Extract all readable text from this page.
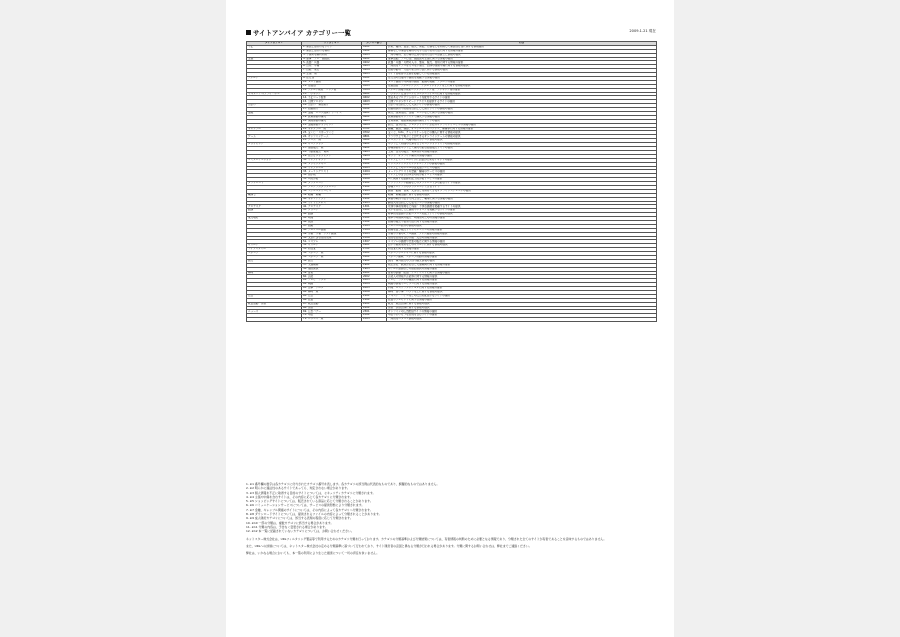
サイトアンバイア カテゴリー一覧	2009.1.21 現在
メインカテゴリ	サブカテゴリ	カテゴリ番号	内容
不正	1. 違法と思われるサイト	0101	詐欺、賭博、賞金、殺人、脅迫、売春などを利用して違法な行為に関する情報提供
	2. 違法と思われる薬物	0102	麻薬などの違法な薬物の入手方法や使用方法に関する情報の提供
	3. 不適切な薬物利用	0103	一般の薬物、処方薬の正規の使用方法から逸脱した情報の提供
主張	4. 軍事・テロ・過激派	0201	軍事活動、テロ行為、過激派の主張に関する情報の提供
	5. 武器・兵器	0202	武器・兵器・刃物の入手、製造、販売、使用に関する情報の提供
	6. 告発・中傷	0203	一般的なマナーを守らない個人・団体の誹謗中傷に関する情報の提供
	7. 自殺・家出	0204	自殺の勧め・方法や家出の方法に関する情報の提供
	8. 主張一般	0205	サイト管理者の主張を掲載している情報提供
アダルト	9. 性行為	0301	性行為の性描写や画像を掲載する情報の提供
	10. ヌード画像	0302	ヌード画像や写真集の画像・動画の掲載・アダルトの提供
	11. 性風俗	0303	性風俗店・アダルトグッズ・アダルトショップなどに関する情報の提供
	12. アダルト検索・リンク集	0304	アダルト情報の検索エンジンやリンク集・ランキング集の提供
セキュリティ/プライバシー	13. ハッキング	0401	ハッキング行為やコンピューターウイルスに関する情報の提供
	14. 不正コード配布	0402	悪意あるプログラムのコードを配布するサイトの提供
	15. 公開プロキシ	0403	公開プロキシやリモートアクセスを提供するサイトの提供
出会い	16. 出会い・異性紹介	0501	出会いを目的とした交流サイトの情報の提供
	17. 結婚紹介	0502	結婚相談所や結婚を目的とした紹介サイトの情報の提供
金融	18. 金融・ローン投資アドバイス	0601	株式、投資信託、金融・ローンなどに関する情報の提供
	19. 投資商品の購入	0602	投資商品をオンラインで購入する情報の提供
	20. 保険商品の購入	0603	生命保険・損害保険商品の購入サイトの提供
	21. 金融商品ショッピング	0604	銀行、証券会社、クレジットカード会社のオンラインサービスの情報の提供
ギャンブル	22. ギャンブル一般	0701	競輪、競馬、競艇、オートレースやパチンコ、麻雀等に関する情報の提供
	23. 宝くじ・スポーツくじ	0702	宝くじ、toto、チャンスゲームなどの購入に関する情報の提供
ゲーム	24. オンラインゲーム	0801	ブラウザ上で遊ぶことができるオンラインゲームの情報の提供
	25. ゲーム一般	0802	ゲームソフト・攻略の紹介やゲーム情報の提供
ショッピング	26. オークション	0901	ネット上で物品の売買を行うオークションサイトの情報の提供
	27. 通信販売一般	0902	各種商品をネット上で購入可能な通信販売サイトの提供
	28. 不動産販売・賃貸	0903	土地・住宅の販売・賃貸物件の情報の提供
	29. 官公庁ショッピング	0904	ギフト・オンライン購入の情報の提供
コミュニケーション	30. ウェブチャット	1001	ウェブ上でリアルタイムに会話が出来るチャットの提供
	31. メッセンジャー	1002	インスタントメッセンジャーソフトの情報の提供
	32. ウェブメール	1003	ウェブ上でのメールの送受信サービスの提供
	33. メーリングリスト	1004	メーリングリストの登録・解除のサービスの提供
	34. 掲示板	1005	ウェブ上の書き込み型の掲示板サービスの提供
	35. IT掲示板	1006	ITに関連する話題を扱う掲示板サービスの提供
ダウンロード	36. ダウンロード	1101	ソフトウェアや動画などのダウンロードが可能なサイトの提供
	37. プログラムダウンロード	1102	各種プログラムのダウンロードできるサイト
	38. ストレージサービス	1103	画像・動画・音楽・文書などを保存できるオンラインストレージの提供
職探し	39. 転職・就職	1201	転職・就職活動に関する情報の提供
	40. キャリアアップ	1202	資格の取得や語学力向上など、職業に関する情報の提供
	41. サイドビジネス	1203	副収入を目的とした在宅ワークの情報の提供
グロテスク	42. グロテスク	1301	死体や事故現場など残虐・不快な画像を掲載するサイトの提供
話題	43. ジョーク	1401	笑いを目的とした画像やジョークを掲載するサイトの提供
	44. 話題	1402	時事的な話題や芸能ニュースを扱うサイトの情報の提供
成人嗜好	45. 喫煙	1501	煙草や喫煙具の販売・喫煙者のための情報の提供
	46. 飲酒	1502	酒類の販売や製造方法に関する情報の提供
	47. 酒類	1503	アルコール飲料の情報の提供
	48. アルコール製品	1504	酒類を扱う販売サイトやメーカーの情報の提供
	49. 水着・下着・フェチ画像	1505	水着や下着のモデル画像・フェチ画像の情報の提供
	50. 文章による性的表現	1506	性的な表現を含む小説・文章の情報の提供
	51. コスプレ	1507	コスプレの画像や衣装の販売に関する情報の提供
オカルト	52. オカルト	1601	占いや超常現象などのオカルトに関する情報の提供
ライフスタイル	53. 同性愛	1701	同性愛に関する情報の提供
スポーツ	54. スポーツ一般	1801	スポーツやレジャーに関する情報の提供
	55. スポーツ一般	1802	スポーツ観戦・スポーツ用品の情報の提供
旅行	56. 旅行	1901	国内・海外旅行の予約や観光情報の提供
	57. 交通機関	1902	航空会社・鉄道会社など交通機関に関する情報の提供
	58. 宿泊施設	1903	ホテルや旅館などの宿泊施設の情報の提供
趣味	59. 音楽	2001	音楽の試聴・配信・アーティストに関する情報の提供
	60. 芸能	2002	芸能人の情報や芸能界に関する情報の提供
	61. テレビ・ラジオ	2003	テレビ・ラジオの番組に関する情報の提供
	62. 映画	2004	映画の情報やレビューに関する情報の提供
	63. 食事・グルメ	2005	料理・レストランやグルメに関する情報の提供
	64. 趣味一般	2006	趣味・習い事・ペットなどに関する情報の提供
広告	65. 広告	2101	テキスト・バナーなどの広告を配信するサイトの提供
	66. 懸賞	2102	懸賞やプレゼントに関する情報の提供
政治活動・宗教	67. 政治活動	2201	政党・政治団体に関する情報の提供
	68. 宗教	2202	宗教・宗教団体に関する情報の提供
ニュース	69. 広告バナー	2301	オンラインの広告配信サイトの情報の提供
	70. 卑語	2302	卑語やわいせつな表現を含むサイトの提供
	71. ニュース一般	2303	一般的なニュース情報の提供

1. ※1 番号欄の数字は各カテゴリに付与されたカテゴリ番号を表します。各カテゴリの該当例は代表的なものであり、網羅的なものではありません。

2. ※2 明らかに違法性のあるサイトであっても、判定されない場合があります。

3. ※3 個人情報を不正に取得する目的のサイトについては、セキュリティカテゴリに分類されます。

4. ※4 主張や中傷を含むサイトは、その内容に応じて各カテゴリに分類されます。

5. ※5 ショッピングサイトについては、販売されている商品に応じて分類されることがあります。

6. ※6 コミュニケーションサービスについては、サービスの提供形態により分類されます。

7. ※7 金融、ギャンブル関連のサイトについては、その内容によって各カテゴリへ分類されます。

8. ※8 ダウンロードサイトについては、提供されるファイルの内容によって分類されることがあります。

9. ※9 成人嗜好カテゴリについては、該当する表現の程度に応じて分類されます。

10. ※10 一部の分類は、複数カテゴリに該当する場合があります。

11. ※11 分類の内容は、予告なく変更される場合があります。

12. ※12 本一覧に記載されていないカテゴリについては、お問い合わせください。

ネットスター株式会社は、URLフィルタリング製品等で利用するためのカテゴリ分類を行っております。カテゴリの分類基準および分類結果については、有害情報の判断のために必要となる情報であり、分類された全てのサイトが有害であることを意味するものではありません。

また、URLへの評価については、ネットスター株式会社の定める分類基準に基づいて行われており、サイト運営者の意図と異なる分類が行われる場合があります。分類に関するお問い合わせは、弊社までご連絡ください。

弊社は、いかなる場合においても、本一覧の利用により生じた損害について一切の責任を負いません。
